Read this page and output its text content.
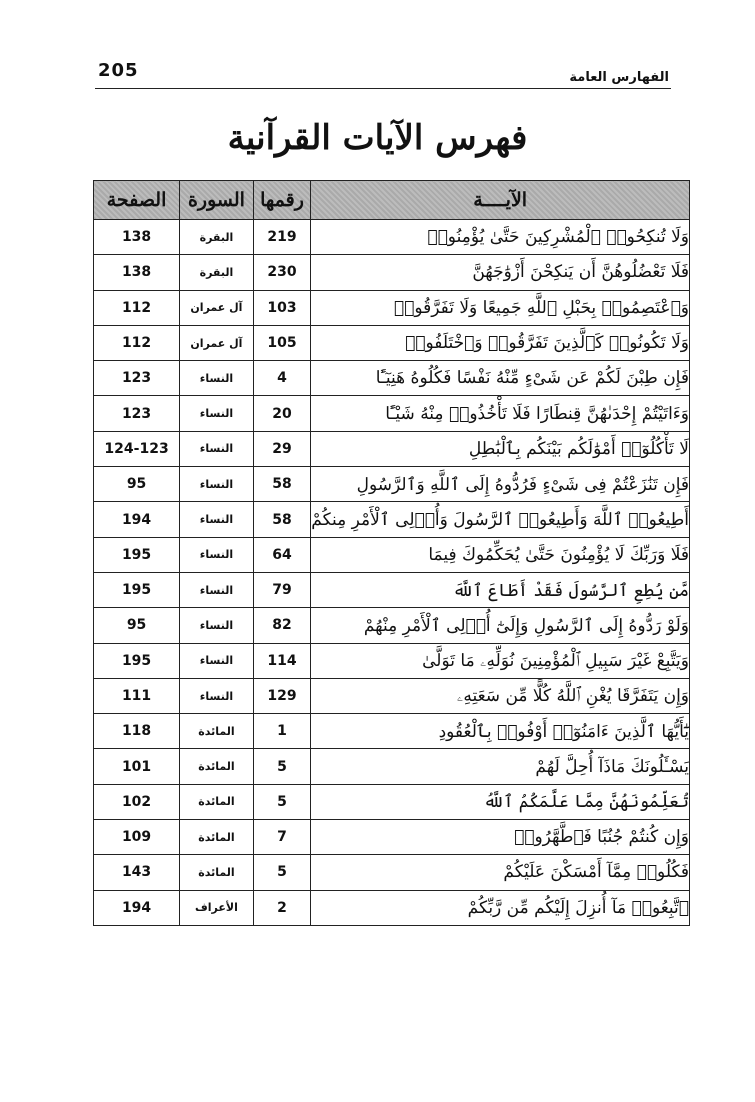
205	الفهارس العامة
فهرس الآيات القرآنية
الآيــــة	رقمها	السورة	الصفحة
وَلَا تُنكِحُوا۟ ٱلْمُشْرِكِينَ حَتَّىٰ يُؤْمِنُوا۟	219	البقرة	138
فَلَا تَعْضُلُوهُنَّ أَن يَنكِحْنَ أَزْوَٰجَهُنَّ	230	البقرة	138
وَٱعْتَصِمُوا۟ بِحَبْلِ ٱللَّهِ جَمِيعًا وَلَا تَفَرَّقُوا۟	103	آل عمران	112
وَلَا تَكُونُوا۟ كَٱلَّذِينَ تَفَرَّقُوا۟ وَٱخْتَلَفُوا۟	105	آل عمران	112
فَإِن طِبْنَ لَكُمْ عَن شَىْءٍ مِّنْهُ نَفْسًا فَكُلُوهُ هَنِيٓـًٔا	4	النساء	123
وَءَاتَيْتُمْ إِحْدَىٰهُنَّ قِنطَارًا فَلَا تَأْخُذُوا۟ مِنْهُ شَيْـًٔا	20	النساء	123
لَا تَأْكُلُوٓا۟ أَمْوَٰلَكُم بَيْنَكُم بِٱلْبَٰطِلِ	29	النساء	124-123
فَإِن تَنَٰزَعْتُمْ فِى شَىْءٍ فَرُدُّوهُ إِلَى ٱللَّهِ وَٱلرَّسُولِ	58	النساء	95
أَطِيعُوا۟ ٱللَّهَ وَأَطِيعُوا۟ ٱلرَّسُولَ وَأُو۟لِى ٱلْأَمْرِ مِنكُمْ	58	النساء	194
فَلَا وَرَبِّكَ لَا يُؤْمِنُونَ حَتَّىٰ يُحَكِّمُوكَ فِيمَا	64	النساء	195
مَّن يُطِعِ ٱلرَّسُولَ فَقَدْ أَطَاعَ ٱللَّهَ	79	النساء	195
وَلَوْ رَدُّوهُ إِلَى ٱلرَّسُولِ وَإِلَىٰٓ أُو۟لِى ٱلْأَمْرِ مِنْهُمْ	82	النساء	95
وَيَتَّبِعْ غَيْرَ سَبِيلِ ٱلْمُؤْمِنِينَ نُوَلِّهِۦ مَا تَوَلَّىٰ	114	النساء	195
وَإِن يَتَفَرَّقَا يُغْنِ ٱللَّهُ كُلًّا مِّن سَعَتِهِۦ	129	النساء	111
يَٰٓأَيُّهَا ٱلَّذِينَ ءَامَنُوٓا۟ أَوْفُوا۟ بِٱلْعُقُودِ	1	المائدة	118
يَسْـَٔلُونَكَ مَاذَآ أُحِلَّ لَهُمْ	5	المائدة	101
تُعَلِّمُونَهُنَّ مِمَّا عَلَّمَكُمُ ٱللَّهُ	5	المائدة	102
وَإِن كُنتُمْ جُنُبًا فَٱطَّهَّرُوا۟	7	المائدة	109
فَكُلُوا۟ مِمَّآ أَمْسَكْنَ عَلَيْكُمْ	5	المائدة	143
ٱتَّبِعُوا۟ مَآ أُنزِلَ إِلَيْكُم مِّن رَّبِّكُمْ	2	الأعراف	194
